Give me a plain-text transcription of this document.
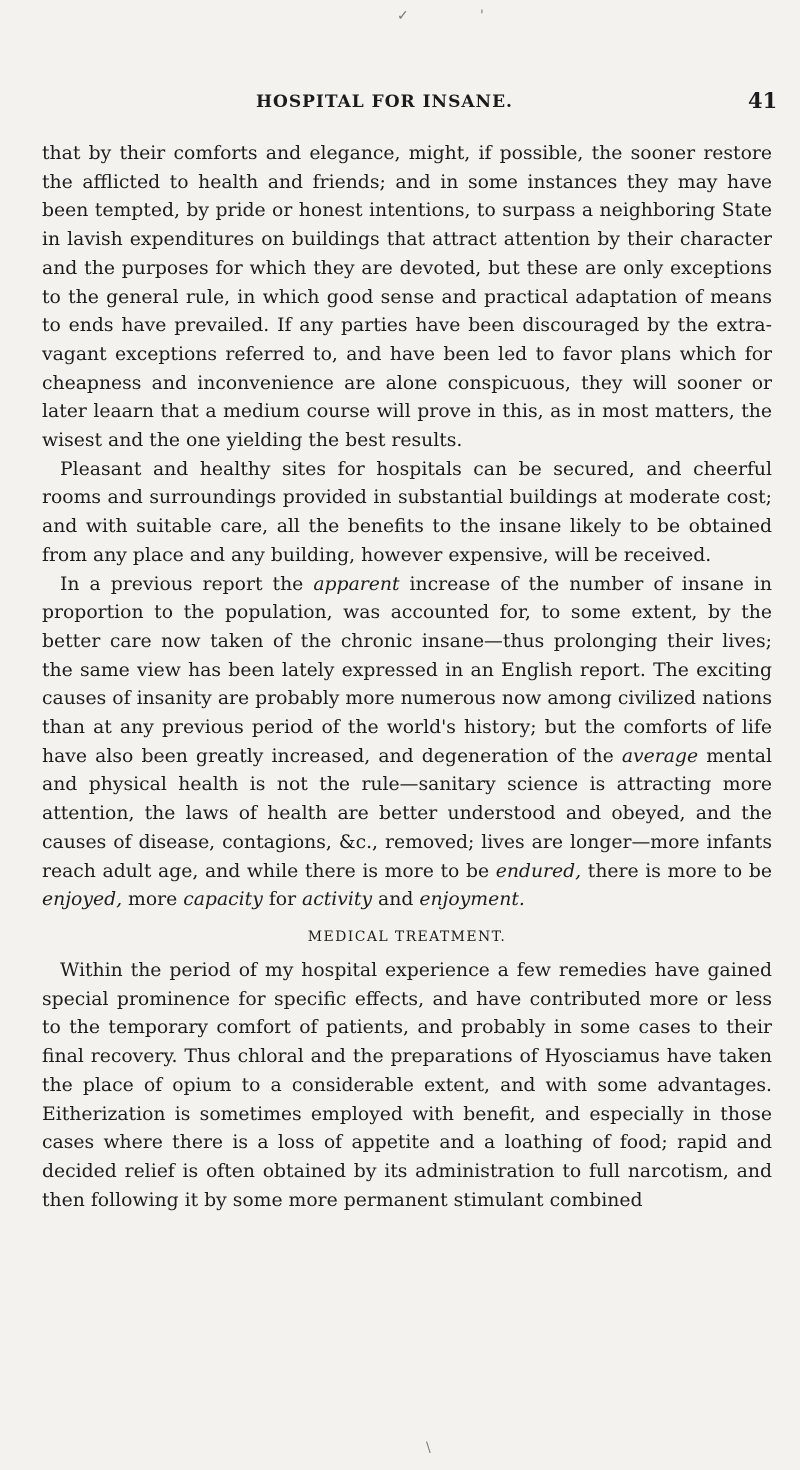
✓	'
HOSPITAL FOR INSANE.	41

that by their comforts and elegance, might, if possible, the sooner restore the afflicted to health and friends; and in some instances they may have been tempted, by pride or honest intentions, to surpass a neighboring State in lavish expenditures on buildings that attract attention by their character and the purposes for which they are devoted, but these are only exceptions to the general rule, in which good sense and practical adaptation of means to ends have prevailed. If any parties have been discouraged by the extravagant exceptions referred to, and have been led to favor plans which for cheapness and inconvenience are alone conspicuous, they will sooner or later leaarn that a medium course will prove in this, as in most matters, the wisest and the one yielding the best results.

Pleasant and healthy sites for hospitals can be secured, and cheerful rooms and surroundings provided in substantial buildings at moderate cost; and with suitable care, all the benefits to the insane likely to be obtained from any place and any building, however expensive, will be received.

In a previous report the apparent increase of the number of insane in proportion to the population, was accounted for, to some extent, by the better care now taken of the chronic insane—thus prolonging their lives; the same view has been lately expressed in an English report. The exciting causes of insanity are probably more numerous now among civilized nations than at any previous period of the world's history; but the comforts of life have also been greatly increased, and degeneration of the average mental and physical health is not the rule—sanitary science is attracting more attention, the laws of health are better understood and obeyed, and the causes of disease, contagions, &c., removed; lives are longer—more infants reach adult age, and while there is more to be endured, there is more to be enjoyed, more capacity for activity and enjoyment.

MEDICAL TREATMENT.

Within the period of my hospital experience a few remedies have gained special prominence for specific effects, and have contributed more or less to the temporary comfort of patients, and probably in some cases to their final recovery. Thus chloral and the preparations of Hyosciamus have taken the place of opium to a considerable extent, and with some advantages. Eitherization is sometimes employed with benefit, and especially in those cases where there is a loss of appetite and a loathing of food; rapid and decided relief is often obtained by its administration to full narcotism, and then following it by some more permanent stimulant combined

\
